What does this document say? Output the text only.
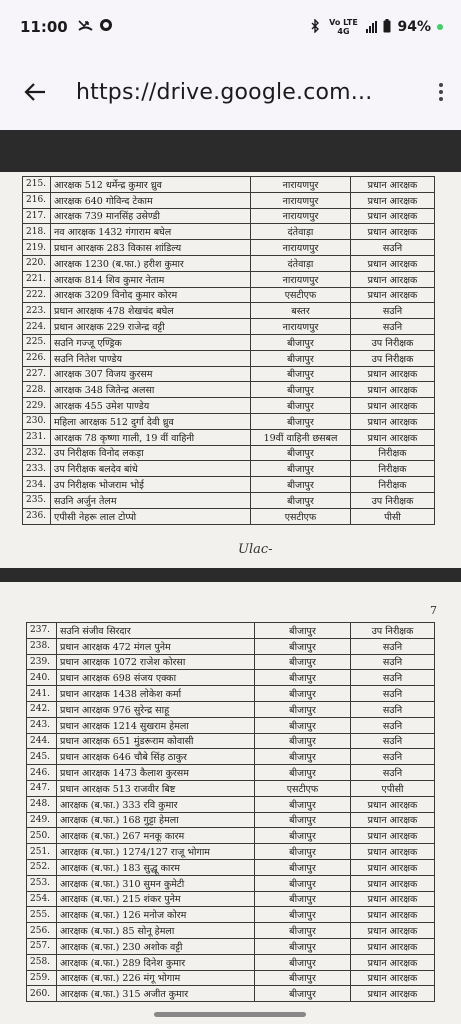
11:00	Vo LTE 4G	94%
https://drive.google.com...
215.	आरक्षक 512 धर्मेन्द्र कुमार ध्रुव	नारायणपुर	प्रधान आरक्षक
216.	आरक्षक 640 गोविन्द टेकाम	नारायणपुर	प्रधान आरक्षक
217.	आरक्षक 739 मानसिंह उसेण्डी	नारायणपुर	प्रधान आरक्षक
218.	नव आरक्षक 1432 गंगाराम बघेल	दंतेवाड़ा	प्रधान आरक्षक
219.	प्रधान आरक्षक 283 विकास शांडिल्य	नारायणपुर	सउनि
220.	आरक्षक 1230 (ब.फा.) हरीश कुमार	दंतेवाड़ा	प्रधान आरक्षक
221.	आरक्षक 814 शिव कुमार नेताम	नारायणपुर	प्रधान आरक्षक
222.	आरक्षक 3209 विनोद कुमार कोरम	एसटीएफ	प्रधान आरक्षक
223.	प्रधान आरक्षक 478 शेखचंद बघेल	बस्तर	सउनि
224.	प्रधान आरक्षक 229 राजेन्द्र वट्टी	नारायणपुर	सउनि
225.	सउनि गज्जू एण्ड्रिक	बीजापुर	उप निरीक्षक
226.	सउनि नितेश पाण्डेय	बीजापुर	उप निरीक्षक
227.	आरक्षक 307 विजय कुरसम	बीजापुर	प्रधान आरक्षक
228.	आरक्षक 348 जितेन्द्र अलसा	बीजापुर	प्रधान आरक्षक
229.	आरक्षक 455 उमेश पाण्डेय	बीजापुर	प्रधान आरक्षक
230.	महिला आरक्षक 512 दुर्गा देवी ध्रुव	बीजापुर	प्रधान आरक्षक
231.	आरक्षक 78 कृष्णा गाली, 19 वीं वाहिनी	19वीं वाहिनी छसबल	प्रधान आरक्षक
232.	उप निरीक्षक विनोद लकड़ा	बीजापुर	निरीक्षक
233.	उप निरीक्षक बलदेव बांधे	बीजापुर	निरीक्षक
234.	उप निरीक्षक भोजराम भोई	बीजापुर	निरीक्षक
235.	सउनि अर्जुन तेलम	बीजापुर	उप निरीक्षक
236.	एपीसी नेहरू लाल टोप्पो	एसटीएफ	पीसी
Ulac-
7
237.	सउनि संजीव सिरदार	बीजापुर	उप निरीक्षक
238.	प्रधान आरक्षक 472 मंगल पुनेम	बीजापुर	सउनि
239.	प्रधान आरक्षक 1072 राजेश कोरसा	बीजापुर	सउनि
240.	प्रधान आरक्षक 698 संजय एक्का	बीजापुर	सउनि
241.	प्रधान आरक्षक 1438 लोकेश कर्मा	बीजापुर	सउनि
242.	प्रधान आरक्षक 976 सुरेन्द्र साहू	बीजापुर	सउनि
243.	प्रधान आरक्षक 1214 सुखराम हेमला	बीजापुर	सउनि
244.	प्रधान आरक्षक 651 मुंडरूराम कोवासी	बीजापुर	सउनि
245.	प्रधान आरक्षक 646 चौबे सिंह ठाकुर	बीजापुर	सउनि
246.	प्रधान आरक्षक 1473 कैलाश कुरसम	बीजापुर	सउनि
247.	प्रधान आरक्षक 513 राजवीर बिष्ट	एसटीएफ	एपीसी
248.	आरक्षक (ब.फा.) 333 रवि कुमार	बीजापुर	प्रधान आरक्षक
249.	आरक्षक (ब.फा.) 168 गुट्टा हेमला	बीजापुर	प्रधान आरक्षक
250.	आरक्षक (ब.फा.) 267 मनकू कारम	बीजापुर	प्रधान आरक्षक
251.	आरक्षक (ब.फा.) 1274/127 राजू भोगाम	बीजापुर	प्रधान आरक्षक
252.	आरक्षक (ब.फा.) 183 सुद्धू कारम	बीजापुर	प्रधान आरक्षक
253.	आरक्षक (ब.फा.) 310 सुमन कुमेटी	बीजापुर	प्रधान आरक्षक
254.	आरक्षक (ब.फा.) 215 शंकर पुनेम	बीजापुर	प्रधान आरक्षक
255.	आरक्षक (ब.फा.) 126 मनोज कोरम	बीजापुर	प्रधान आरक्षक
256.	आरक्षक (ब.फा.) 85 सोनू हेमला	बीजापुर	प्रधान आरक्षक
257.	आरक्षक (ब.फा.) 230 अशोक वट्टी	बीजापुर	प्रधान आरक्षक
258.	आरक्षक (ब.फा.) 289 दिनेश कुमार	बीजापुर	प्रधान आरक्षक
259.	आरक्षक (ब.फा.) 226 मंगू भोगाम	बीजापुर	प्रधान आरक्षक
260.	आरक्षक (ब.फा.) 315 अजीत कुमार	बीजापुर	प्रधान आरक्षक
